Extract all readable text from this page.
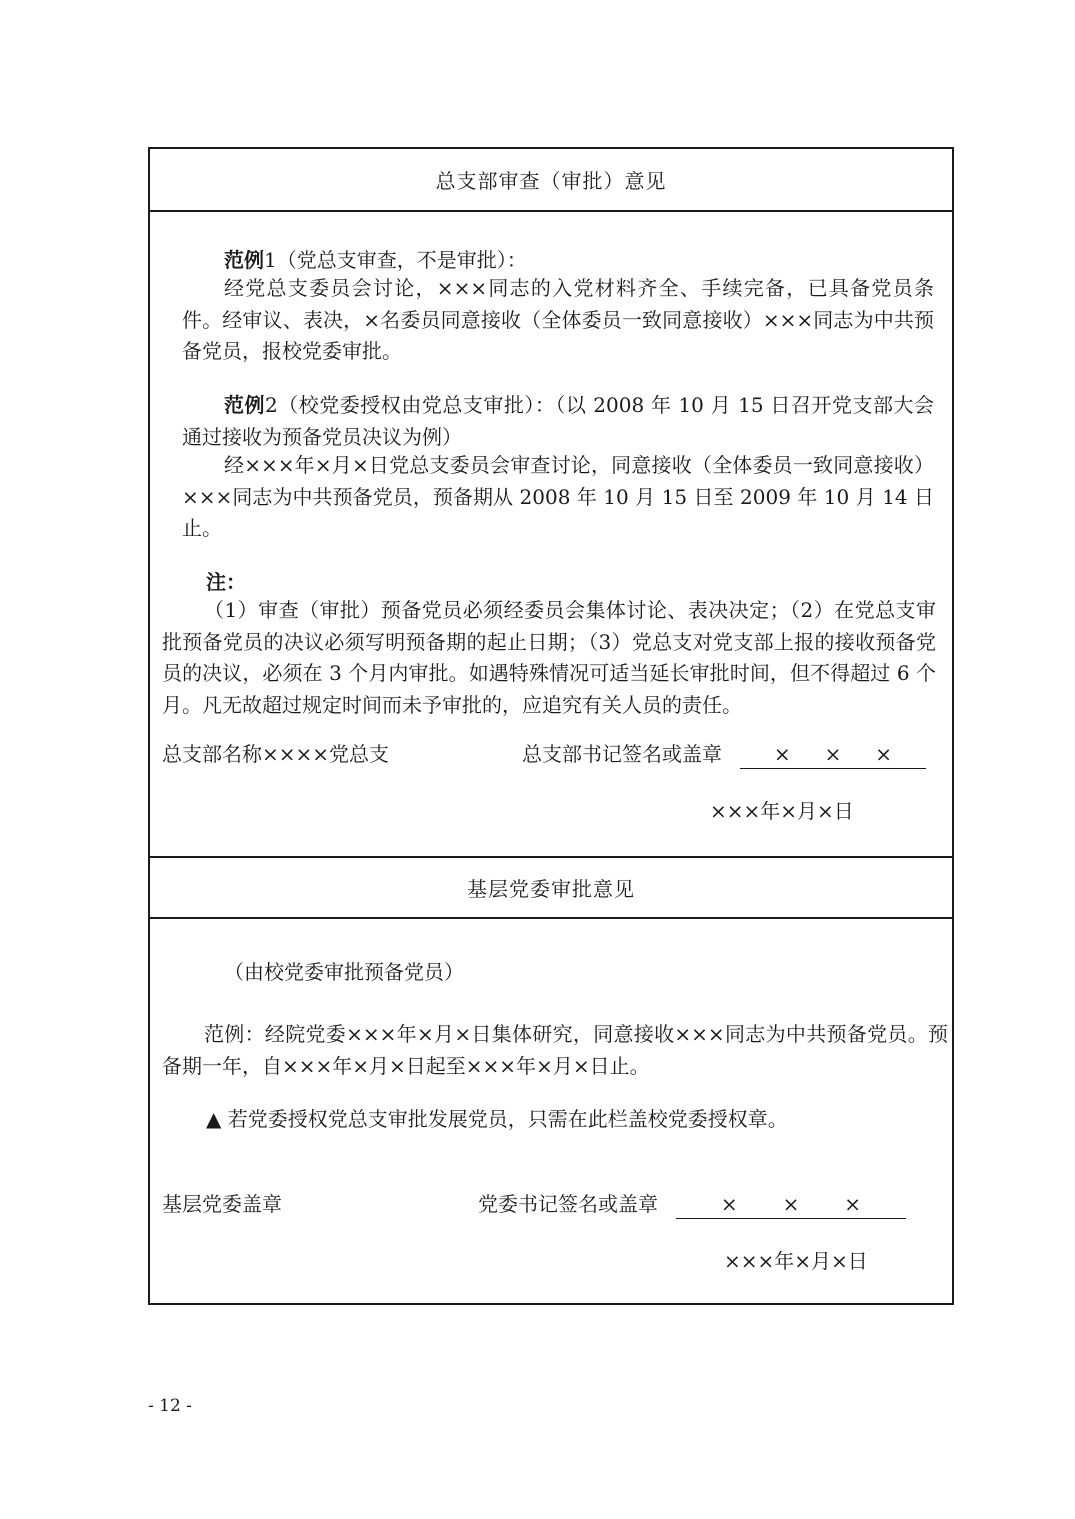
总支部审查（审批）意见
范例1（党总支审查，不是审批）：
经党总支委员会讨论，×××同志的入党材料齐全、手续完备，已具备党员条件。经审议、表决，×名委员同意接收（全体委员一致同意接收）×××同志为中共预备党员，报校党委审批。
范例2（校党委授权由党总支审批）：（以 2008 年 10 月 15 日召开党支部大会通过接收为预备党员决议为例）
经×××年×月×日党总支委员会审查讨论，同意接收（全体委员一致同意接收）×××同志为中共预备党员，预备期从 2008 年 10 月 15 日至 2009 年 10 月 14 日止。
注：
（1）审查（审批）预备党员必须经委员会集体讨论、表决决定；（2）在党总支审批预备党员的决议必须写明预备期的起止日期；（3）党总支对党支部上报的接收预备党员的决议，必须在 3 个月内审批。如遇特殊情况可适当延长审批时间，但不得超过 6 个月。凡无故超过规定时间而未予审批的，应追究有关人员的责任。
总支部名称××××党总支	总支部书记签名或盖章	× × ×
×××年×月×日
基层党委审批意见
（由校党委审批预备党员）
范例：经院党委×××年×月×日集体研究，同意接收×××同志为中共预备党员。预备期一年，自×××年×月×日起至×××年×月×日止。
▲ 若党委授权党总支审批发展党员，只需在此栏盖校党委授权章。
基层党委盖章	党委书记签名或盖章	× × ×
×××年×月×日
- 12 -
